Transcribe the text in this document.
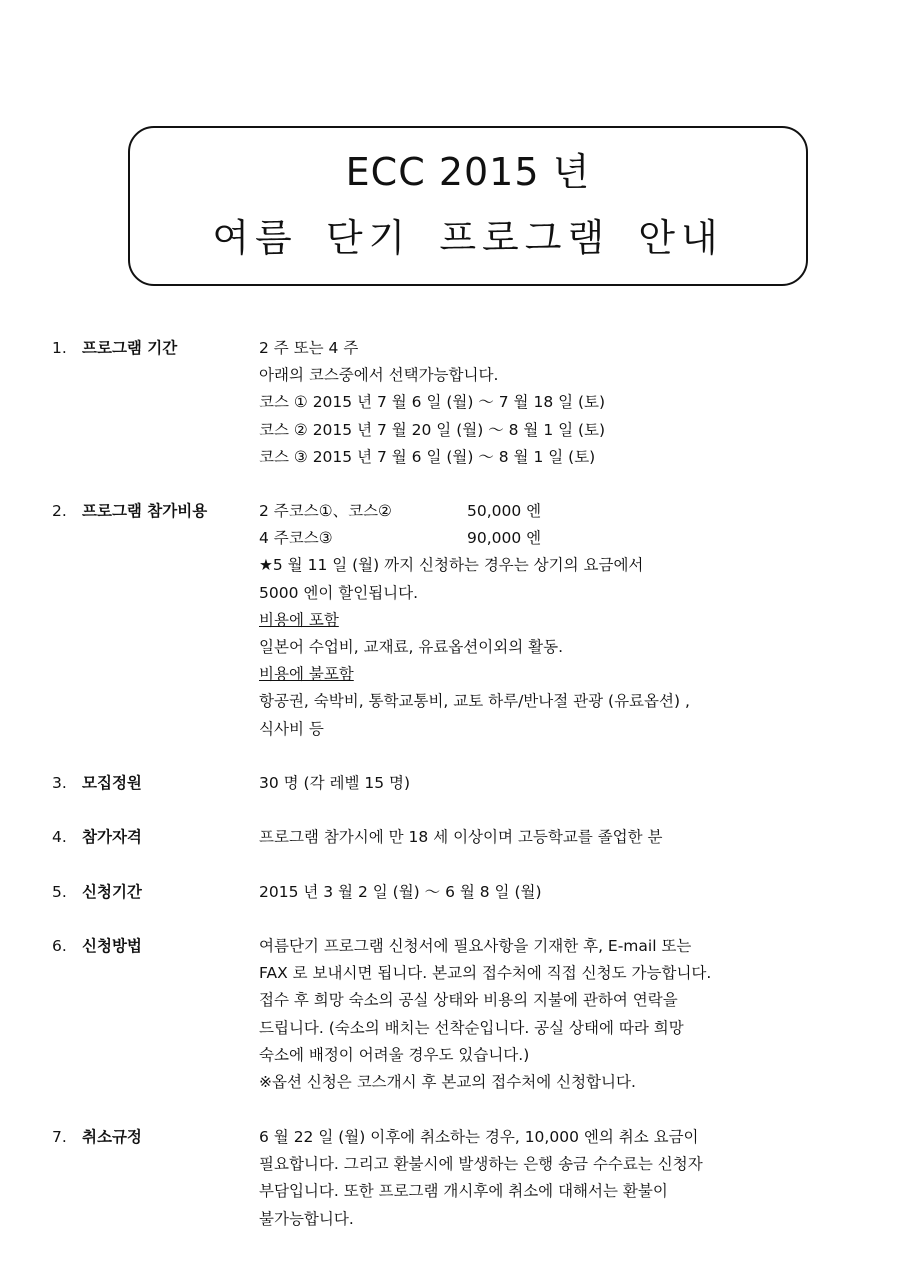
ECC 2015 년
여름 단기 프로그램 안내
1. 프로그램 기간	2 주 또는 4 주
아래의 코스중에서 선택가능합니다.
코스 ① 2015 년 7 월 6 일 (월) ～ 7 월 18 일 (토)
코스 ② 2015 년 7 월 20 일 (월) ～ 8 월 1 일 (토)
코스 ③ 2015 년 7 월 6 일 (월) ～ 8 월 1 일 (토)
2. 프로그램 참가비용	2 주코스①、코스②	50,000 엔
4 주코스③	90,000 엔
★5 월 11 일 (월) 까지 신청하는 경우는 상기의 요금에서
5000 엔이 할인됩니다.
비용에 포함
일본어 수업비, 교재료, 유료옵션이외의 활동.
비용에 불포함
항공권, 숙박비, 통학교통비, 교토 하루/반나절 관광 (유료옵션) ,
식사비 등
3. 모집정원	30 명 (각 레벨 15 명)
4. 참가자격	프로그램 참가시에 만 18 세 이상이며 고등학교를 졸업한 분
5. 신청기간	2015 년 3 월 2 일 (월) ～ 6 월 8 일 (월)
6. 신청방법	여름단기 프로그램 신청서에 필요사항을 기재한 후, E-mail 또는
FAX 로 보내시면 됩니다. 본교의 접수처에 직접 신청도 가능합니다.
접수 후 희망 숙소의 공실 상태와 비용의 지불에 관하여 연락을
드립니다. (숙소의 배치는 선착순입니다. 공실 상태에 따라 희망
숙소에 배정이 어려울 경우도 있습니다.)
※옵션 신청은 코스개시 후 본교의 접수처에 신청합니다.
7. 취소규정	6 월 22 일 (월) 이후에 취소하는 경우, 10,000 엔의 취소 요금이
필요합니다. 그리고 환불시에 발생하는 은행 송금 수수료는 신청자
부담입니다. 또한 프로그램 개시후에 취소에 대해서는 환불이
불가능합니다.
